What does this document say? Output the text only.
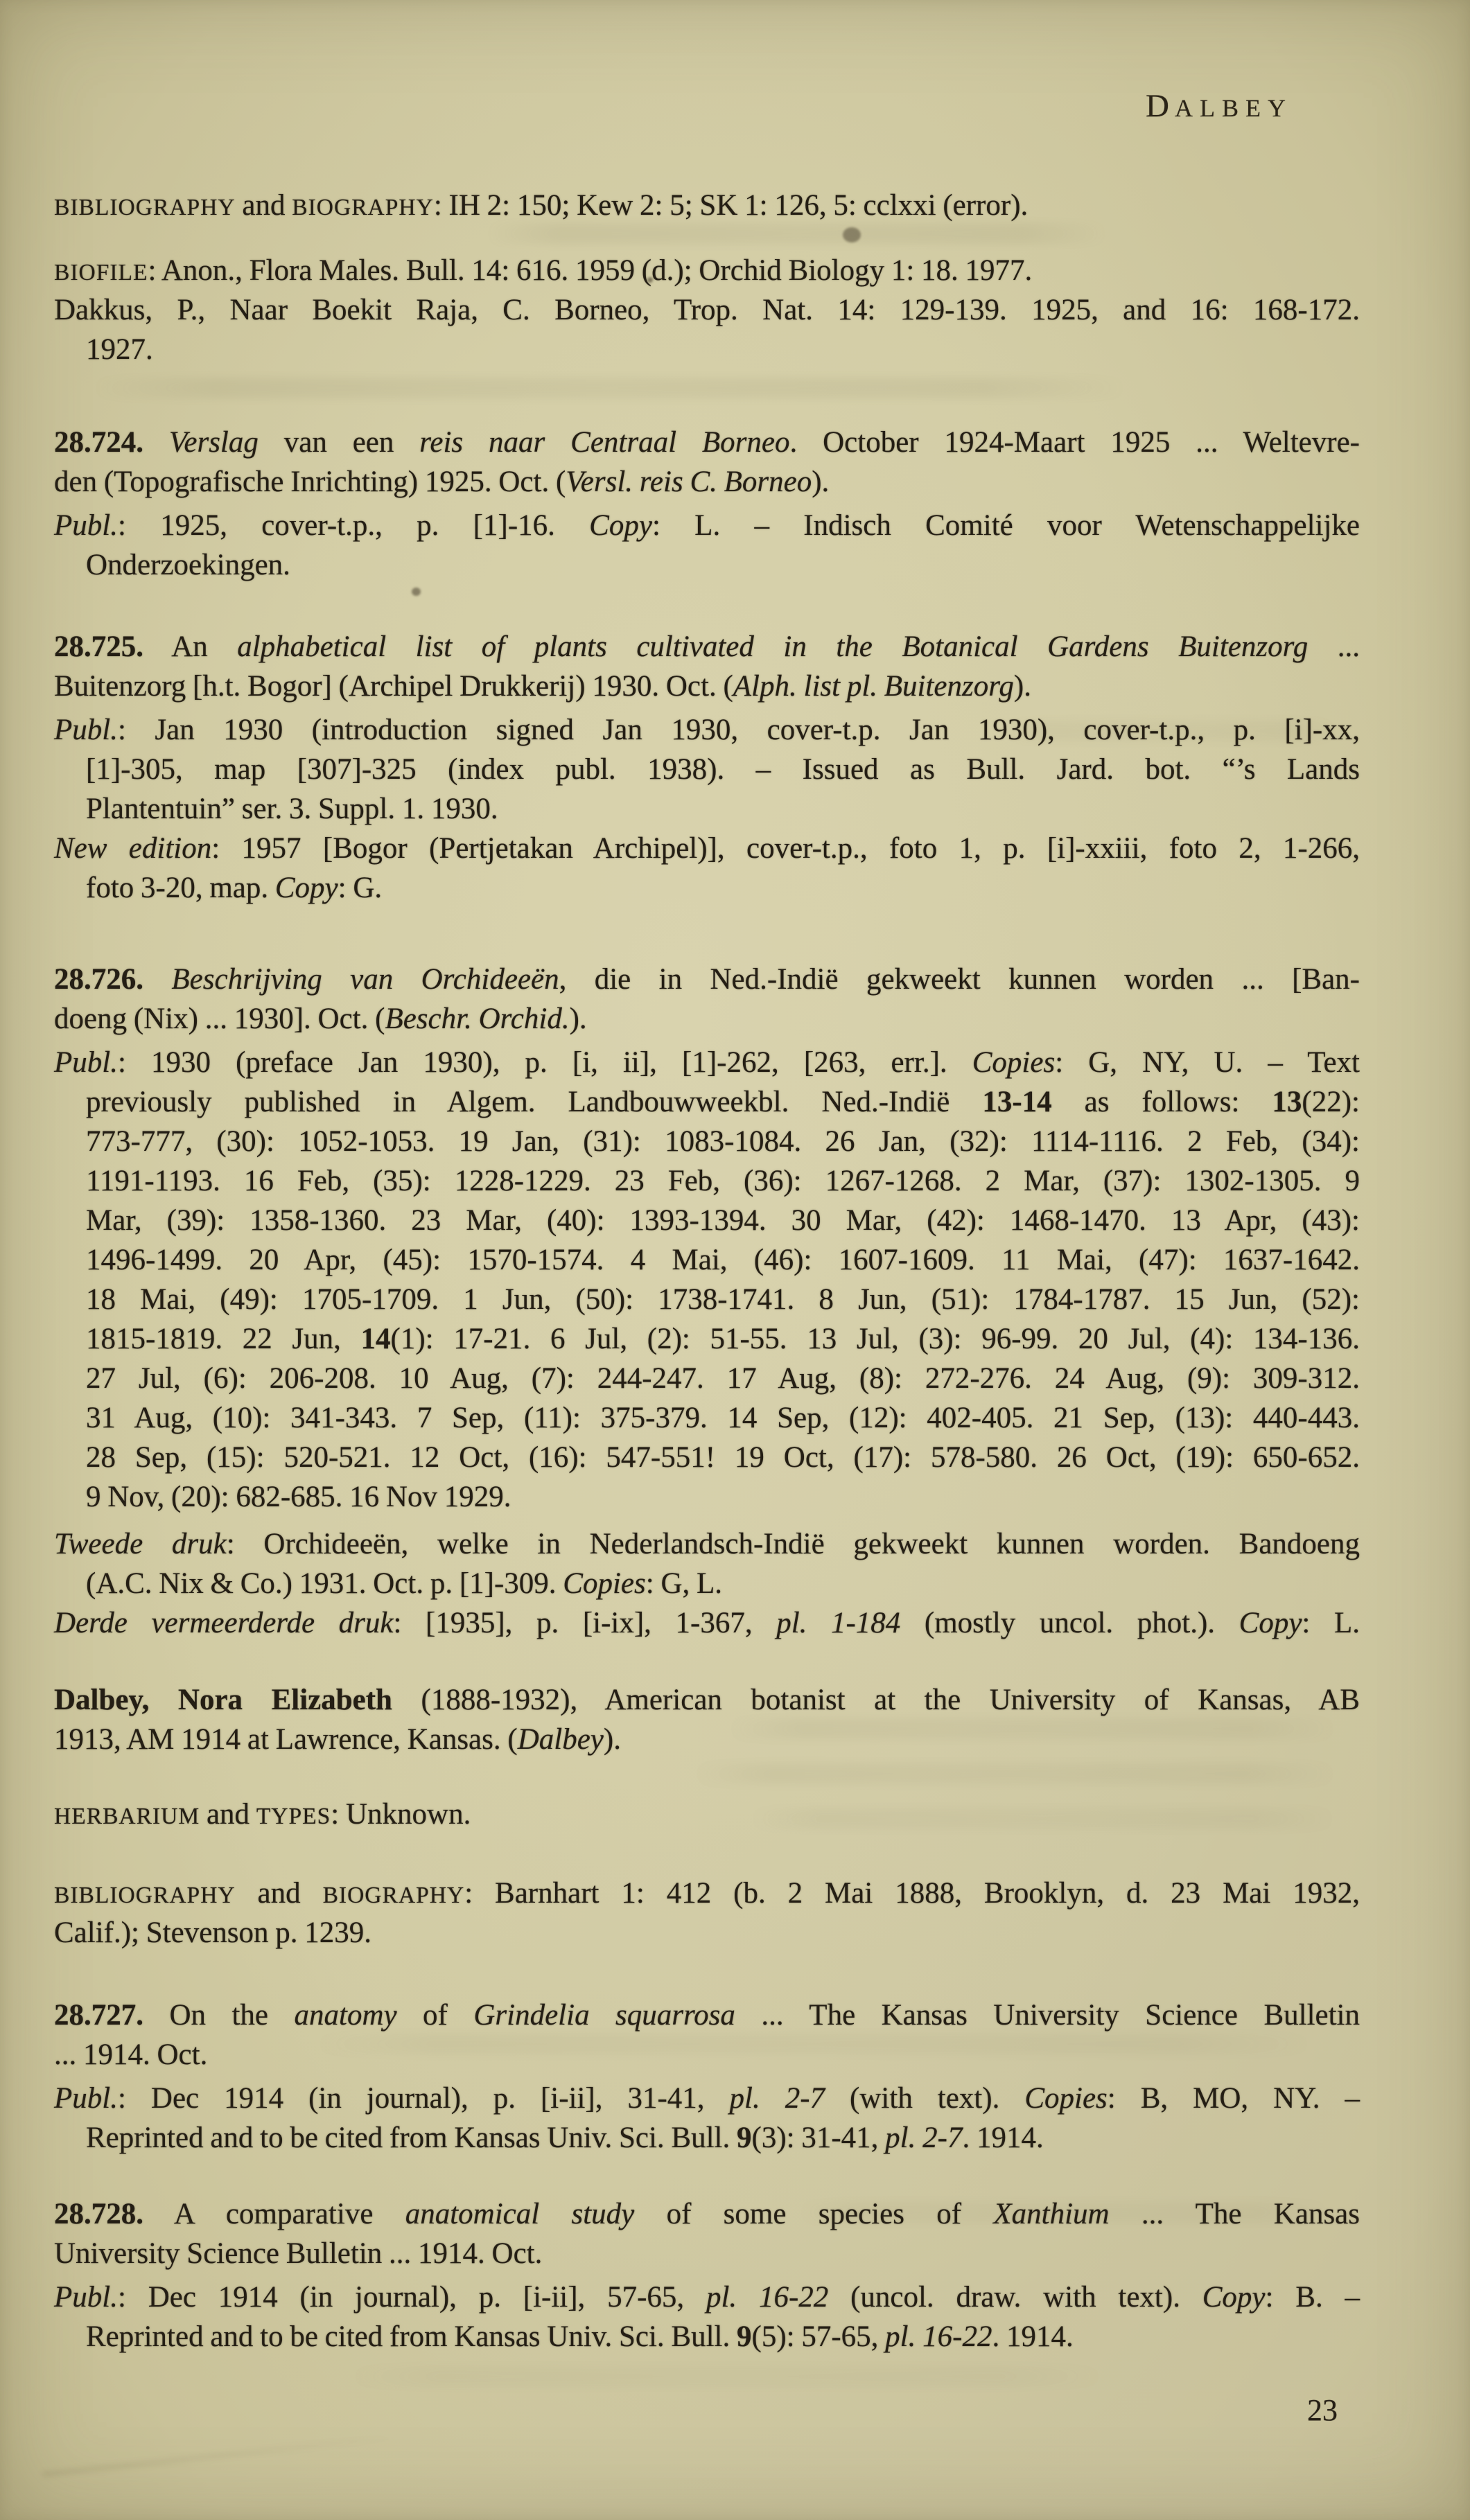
DALBEY
BIBLIOGRAPHY and BIOGRAPHY: IH 2: 150; Kew 2: 5; SK 1: 126, 5: cclxxi (error).
BIOFILE: Anon., Flora Males. Bull. 14: 616. 1959 (d.); Orchid Biology 1: 18. 1977.
Dakkus, P., Naar Boekit Raja, C. Borneo, Trop. Nat. 14: 129-139. 1925, and 16: 168-172.
1927.
28.724. Verslag van een reis naar Centraal Borneo. October 1924-Maart 1925 ... Weltevre-
den (Topografische Inrichting) 1925. Oct. (Versl. reis C. Borneo).
Publ.: 1925, cover-t.p., p. [1]-16. Copy: L. – Indisch Comité voor Wetenschappelijke
Onderzoekingen.
28.725. An alphabetical list of plants cultivated in the Botanical Gardens Buitenzorg ...
Buitenzorg [h.t. Bogor] (Archipel Drukkerij) 1930. Oct. (Alph. list pl. Buitenzorg).
Publ.: Jan 1930 (introduction signed Jan 1930, cover-t.p. Jan 1930), cover-t.p., p. [i]-xx,
[1]-305, map [307]-325 (index publ. 1938). – Issued as Bull. Jard. bot. “’s Lands
Plantentuin” ser. 3. Suppl. 1. 1930.
New edition: 1957 [Bogor (Pertjetakan Archipel)], cover-t.p., foto 1, p. [i]-xxiii, foto 2, 1-266,
foto 3-20, map. Copy: G.
28.726. Beschrijving van Orchideeën, die in Ned.-Indië gekweekt kunnen worden ... [Ban-
doeng (Nix) ... 1930]. Oct. (Beschr. Orchid.).
Publ.: 1930 (preface Jan 1930), p. [i, ii], [1]-262, [263, err.]. Copies: G, NY, U. – Text
previously published in Algem. Landbouwweekbl. Ned.-Indië 13-14 as follows: 13(22):
773-777, (30): 1052-1053. 19 Jan, (31): 1083-1084. 26 Jan, (32): 1114-1116. 2 Feb, (34):
1191-1193. 16 Feb, (35): 1228-1229. 23 Feb, (36): 1267-1268. 2 Mar, (37): 1302-1305. 9
Mar, (39): 1358-1360. 23 Mar, (40): 1393-1394. 30 Mar, (42): 1468-1470. 13 Apr, (43):
1496-1499. 20 Apr, (45): 1570-1574. 4 Mai, (46): 1607-1609. 11 Mai, (47): 1637-1642.
18 Mai, (49): 1705-1709. 1 Jun, (50): 1738-1741. 8 Jun, (51): 1784-1787. 15 Jun, (52):
1815-1819. 22 Jun, 14(1): 17-21. 6 Jul, (2): 51-55. 13 Jul, (3): 96-99. 20 Jul, (4): 134-136.
27 Jul, (6): 206-208. 10 Aug, (7): 244-247. 17 Aug, (8): 272-276. 24 Aug, (9): 309-312.
31 Aug, (10): 341-343. 7 Sep, (11): 375-379. 14 Sep, (12): 402-405. 21 Sep, (13): 440-443.
28 Sep, (15): 520-521. 12 Oct, (16): 547-551! 19 Oct, (17): 578-580. 26 Oct, (19): 650-652.
9 Nov, (20): 682-685. 16 Nov 1929.
Tweede druk: Orchideeën, welke in Nederlandsch-Indië gekweekt kunnen worden. Bandoeng
(A.C. Nix & Co.) 1931. Oct. p. [1]-309. Copies: G, L.
Derde vermeerderde druk: [1935], p. [i-ix], 1-367, pl. 1-184 (mostly uncol. phot.). Copy: L.
Dalbey, Nora Elizabeth (1888-1932), American botanist at the University of Kansas, AB
1913, AM 1914 at Lawrence, Kansas. (Dalbey).
HERBARIUM and TYPES: Unknown.
BIBLIOGRAPHY and BIOGRAPHY: Barnhart 1: 412 (b. 2 Mai 1888, Brooklyn, d. 23 Mai 1932,
Calif.); Stevenson p. 1239.
28.727. On the anatomy of Grindelia squarrosa ... The Kansas University Science Bulletin
... 1914. Oct.
Publ.: Dec 1914 (in journal), p. [i-ii], 31-41, pl. 2-7 (with text). Copies: B, MO, NY. –
Reprinted and to be cited from Kansas Univ. Sci. Bull. 9(3): 31-41, pl. 2-7. 1914.
28.728. A comparative anatomical study of some species of Xanthium ... The Kansas
University Science Bulletin ... 1914. Oct.
Publ.: Dec 1914 (in journal), p. [i-ii], 57-65, pl. 16-22 (uncol. draw. with text). Copy: B. –
Reprinted and to be cited from Kansas Univ. Sci. Bull. 9(5): 57-65, pl. 16-22. 1914.
23
